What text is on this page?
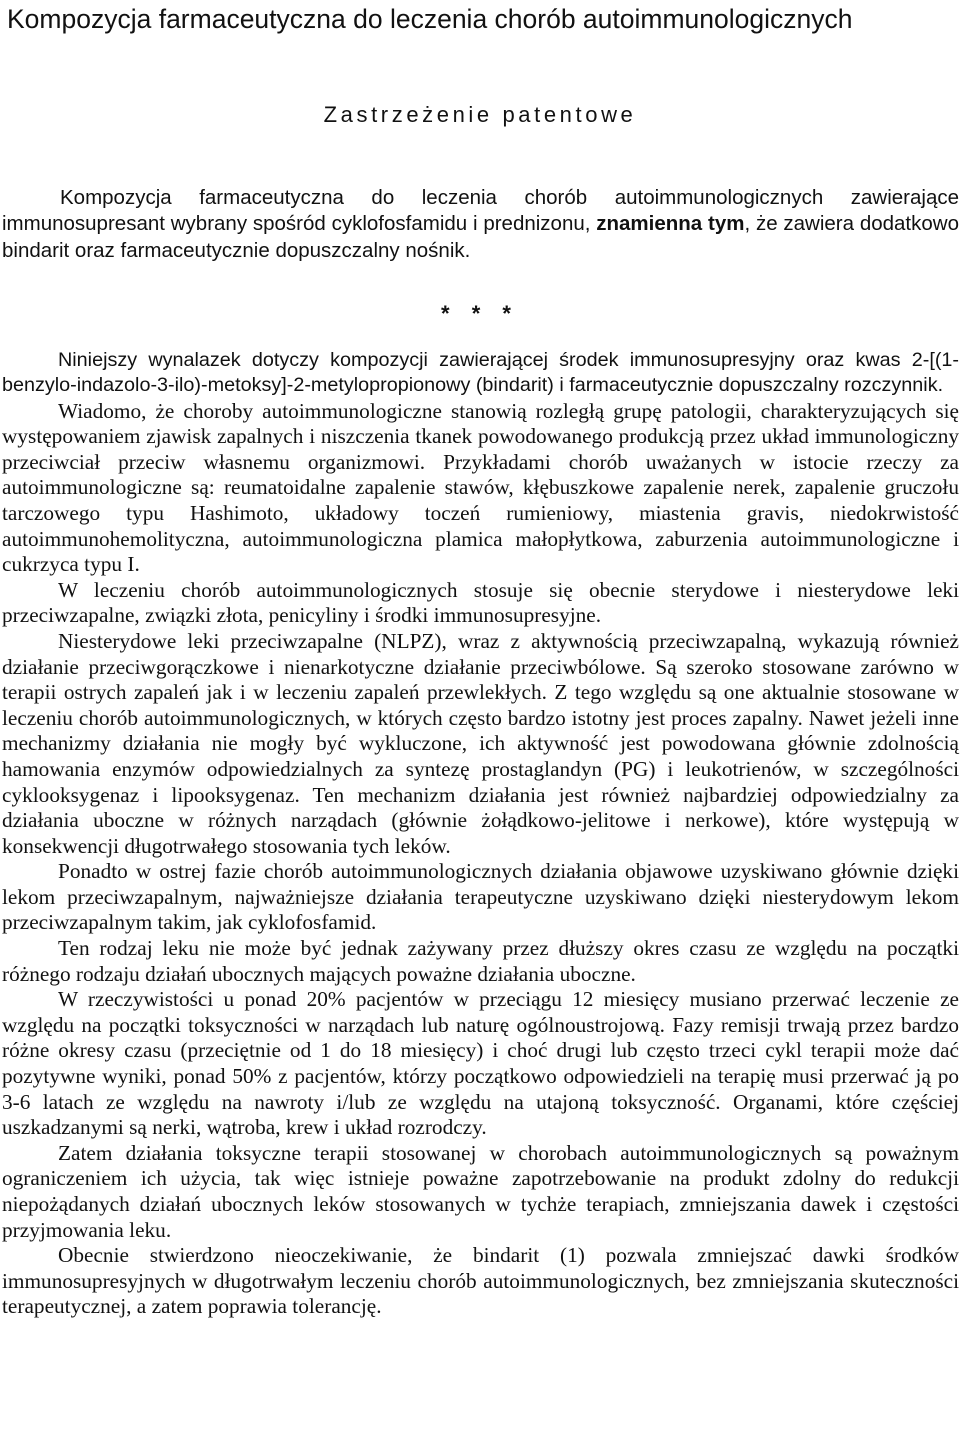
Kompozycja farmaceutyczna do leczenia chorób autoimmunologicznych
Zastrzeżenie patentowe

Kompozycja farmaceutyczna do leczenia chorób autoimmunologicznych zawierające immunosupresant wybrany spośród cyklofosfamidu i prednizonu, znamienna tym, że zawiera dodatkowo bindarit oraz farmaceutycznie dopuszczalny nośnik.

* * *

Niniejszy wynalazek dotyczy kompozycji zawierającej środek immunosupresyjny oraz kwas 2-[(1-benzylo-indazolo-3-ilo)-metoksy]-2-metylopropionowy (bindarit) i farmaceutycznie dopuszczalny rozczynnik.

Wiadomo, że choroby autoimmunologiczne stanowią rozległą grupę patologii, charakteryzujących się występowaniem zjawisk zapalnych i niszczenia tkanek powodowanego produkcją przez układ immunologiczny przeciwciał przeciw własnemu organizmowi. Przykładami chorób uważanych w istocie rzeczy za autoimmunologiczne są: reumatoidalne zapalenie stawów, kłębuszkowe zapalenie nerek, zapalenie gruczołu tarczowego typu Hashimoto, układowy toczeń rumieniowy, miastenia gravis, niedokrwistość autoimmunohemolityczna, autoimmunologiczna plamica małopłytkowa, zaburzenia autoimmunologiczne i cukrzyca typu I.

W leczeniu chorób autoimmunologicznych stosuje się obecnie sterydowe i niesterydowe leki przeciwzapalne, związki złota, penicyliny i środki immunosupresyjne.

Niesterydowe leki przeciwzapalne (NLPZ), wraz z aktywnością przeciwzapalną, wykazują również działanie przeciwgorączkowe i nienarkotyczne działanie przeciwbólowe. Są szeroko stosowane zarówno w terapii ostrych zapaleń jak i w leczeniu zapaleń przewlekłych. Z tego względu są one aktualnie stosowane w leczeniu chorób autoimmunologicznych, w których często bardzo istotny jest proces zapalny. Nawet jeżeli inne mechanizmy działania nie mogły być wykluczone, ich aktywność jest powodowana głównie zdolnością hamowania enzymów odpowiedzialnych za syntezę prostaglandyn (PG) i leukotrienów, w szczególności cyklooksygenaz i lipooksygenaz. Ten mechanizm działania jest również najbardziej odpowiedzialny za działania uboczne w różnych narządach (głównie żołądkowo-jelitowe i nerkowe), które występują w konsekwencji długotrwałego stosowania tych leków.

Ponadto w ostrej fazie chorób autoimmunologicznych działania objawowe uzyskiwano głównie dzięki lekom przeciwzapalnym, najważniejsze działania terapeutyczne uzyskiwano dzięki niesterydowym lekom przeciwzapalnym takim, jak cyklofosfamid.

Ten rodzaj leku nie może być jednak zażywany przez dłuższy okres czasu ze względu na początki różnego rodzaju działań ubocznych mających poważne działania uboczne.

W rzeczywistości u ponad 20% pacjentów w przeciągu 12 miesięcy musiano przerwać leczenie ze względu na początki toksyczności w narządach lub naturę ogólnoustrojową. Fazy remisji trwają przez bardzo różne okresy czasu (przeciętnie od 1 do 18 miesięcy) i choć drugi lub często trzeci cykl terapii może dać pozytywne wyniki, ponad 50% z pacjentów, którzy początkowo odpowiedzieli na terapię musi przerwać ją po 3-6 latach ze względu na nawroty i/lub ze względu na utajoną toksyczność. Organami, które częściej uszkadzanymi są nerki, wątroba, krew i układ rozrodczy.

Zatem działania toksyczne terapii stosowanej w chorobach autoimmunologicznych są poważnym ograniczeniem ich użycia, tak więc istnieje poważne zapotrzebowanie na produkt zdolny do redukcji niepożądanych działań ubocznych leków stosowanych w tychże terapiach, zmniejszania dawek i częstości przyjmowania leku.

Obecnie stwierdzono nieoczekiwanie, że bindarit (1) pozwala zmniejszać dawki środków immunosupresyjnych w długotrwałym leczeniu chorób autoimmunologicznych, bez zmniejszania skuteczności terapeutycznej, a zatem poprawia tolerancję.
